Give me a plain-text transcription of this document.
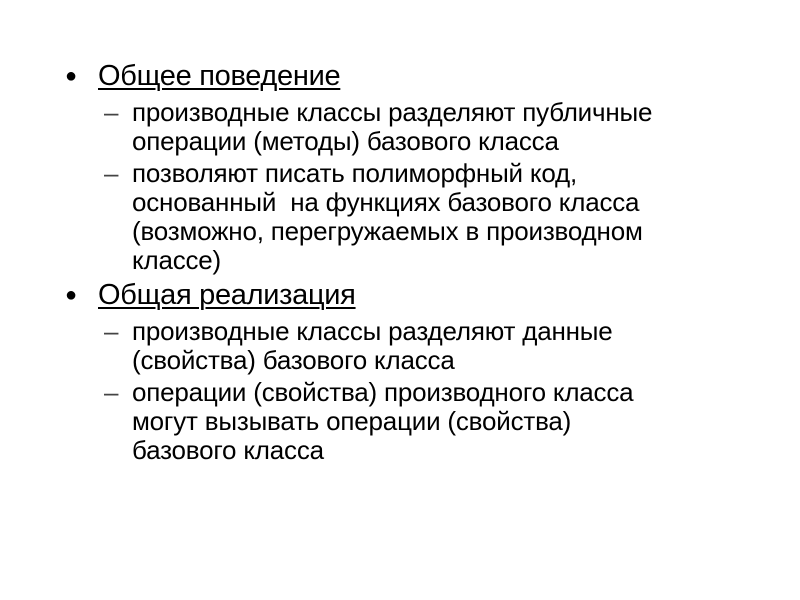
● Общее поведение
– производные классы разделяют публичные
операции (методы) базового класса
– позволяют писать полиморфный код,
основанный  на функциях базового класса
(возможно, перегружаемых в производном
классе)
● Общая реализация
– производные классы разделяют данные
(свойства) базового класса
– операции (свойства) производного класса
могут вызывать операции (свойства)
базового класса
